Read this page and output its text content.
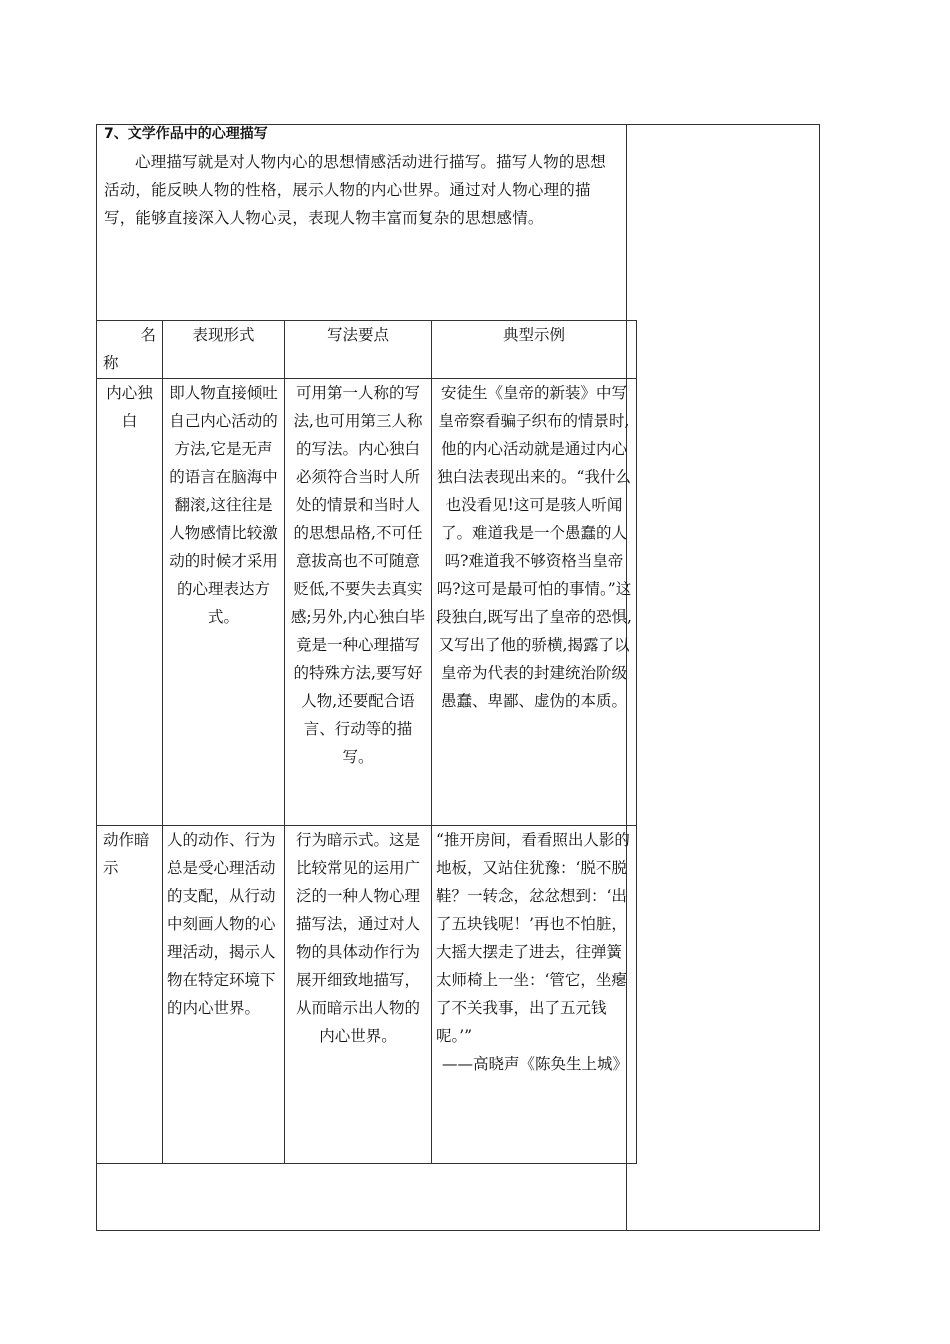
7、文学作品中的心理描写

心理描写就是对人物内心的思想情感活动进行描写。描写人物的思想活动，能反映人物的性格，展示人物的内心世界。通过对人物心理的描写，能够直接深入人物心灵，表现人物丰富而复杂的思想感情。

名
称	表现形式	写法要点	典型示例
内心独白	即人物直接倾吐自己内心活动的方法,它是无声的语言在脑海中翻滚,这往往是人物感情比较激动的时候才采用的心理表达方式。	可用第一人称的写法,也可用第三人称的写法。内心独白必须符合当时人所处的情景和当时人的思想品格,不可任意拔高也不可随意贬低,不要失去真实感;另外,内心独白毕竟是一种心理描写的特殊方法,要写好人物,还要配合语言、行动等的描写。	安徒生《皇帝的新装》中写皇帝察看骗子织布的情景时,他的内心活动就是通过内心独白法表现出来的。“我什么也没看见!这可是骇人听闻了。难道我是一个愚蠢的人吗?难道我不够资格当皇帝吗?这可是最可怕的事情。”这段独白,既写出了皇帝的恐惧,又写出了他的骄横,揭露了以皇帝为代表的封建统治阶级愚蠢、卑鄙、虚伪的本质。
动作暗示	人的动作、行为总是受心理活动的支配，从行动中刻画人物的心理活动，揭示人物在特定环境下的内心世界。	行为暗示式。这是比较常见的运用广泛的一种人物心理描写法，通过对人物的具体动作行为展开细致地描写，从而暗示出人物的内心世界。	“推开房间，看看照出人影的地板，又站住犹豫：‘脱不脱鞋？一转念，忿忿想到：‘出了五块钱呢！’再也不怕脏，大摇大摆走了进去，往弹簧太师椅上一坐：‘管它，坐瘪了不关我事，出了五元钱呢。’”
——高晓声《陈奂生上城》
